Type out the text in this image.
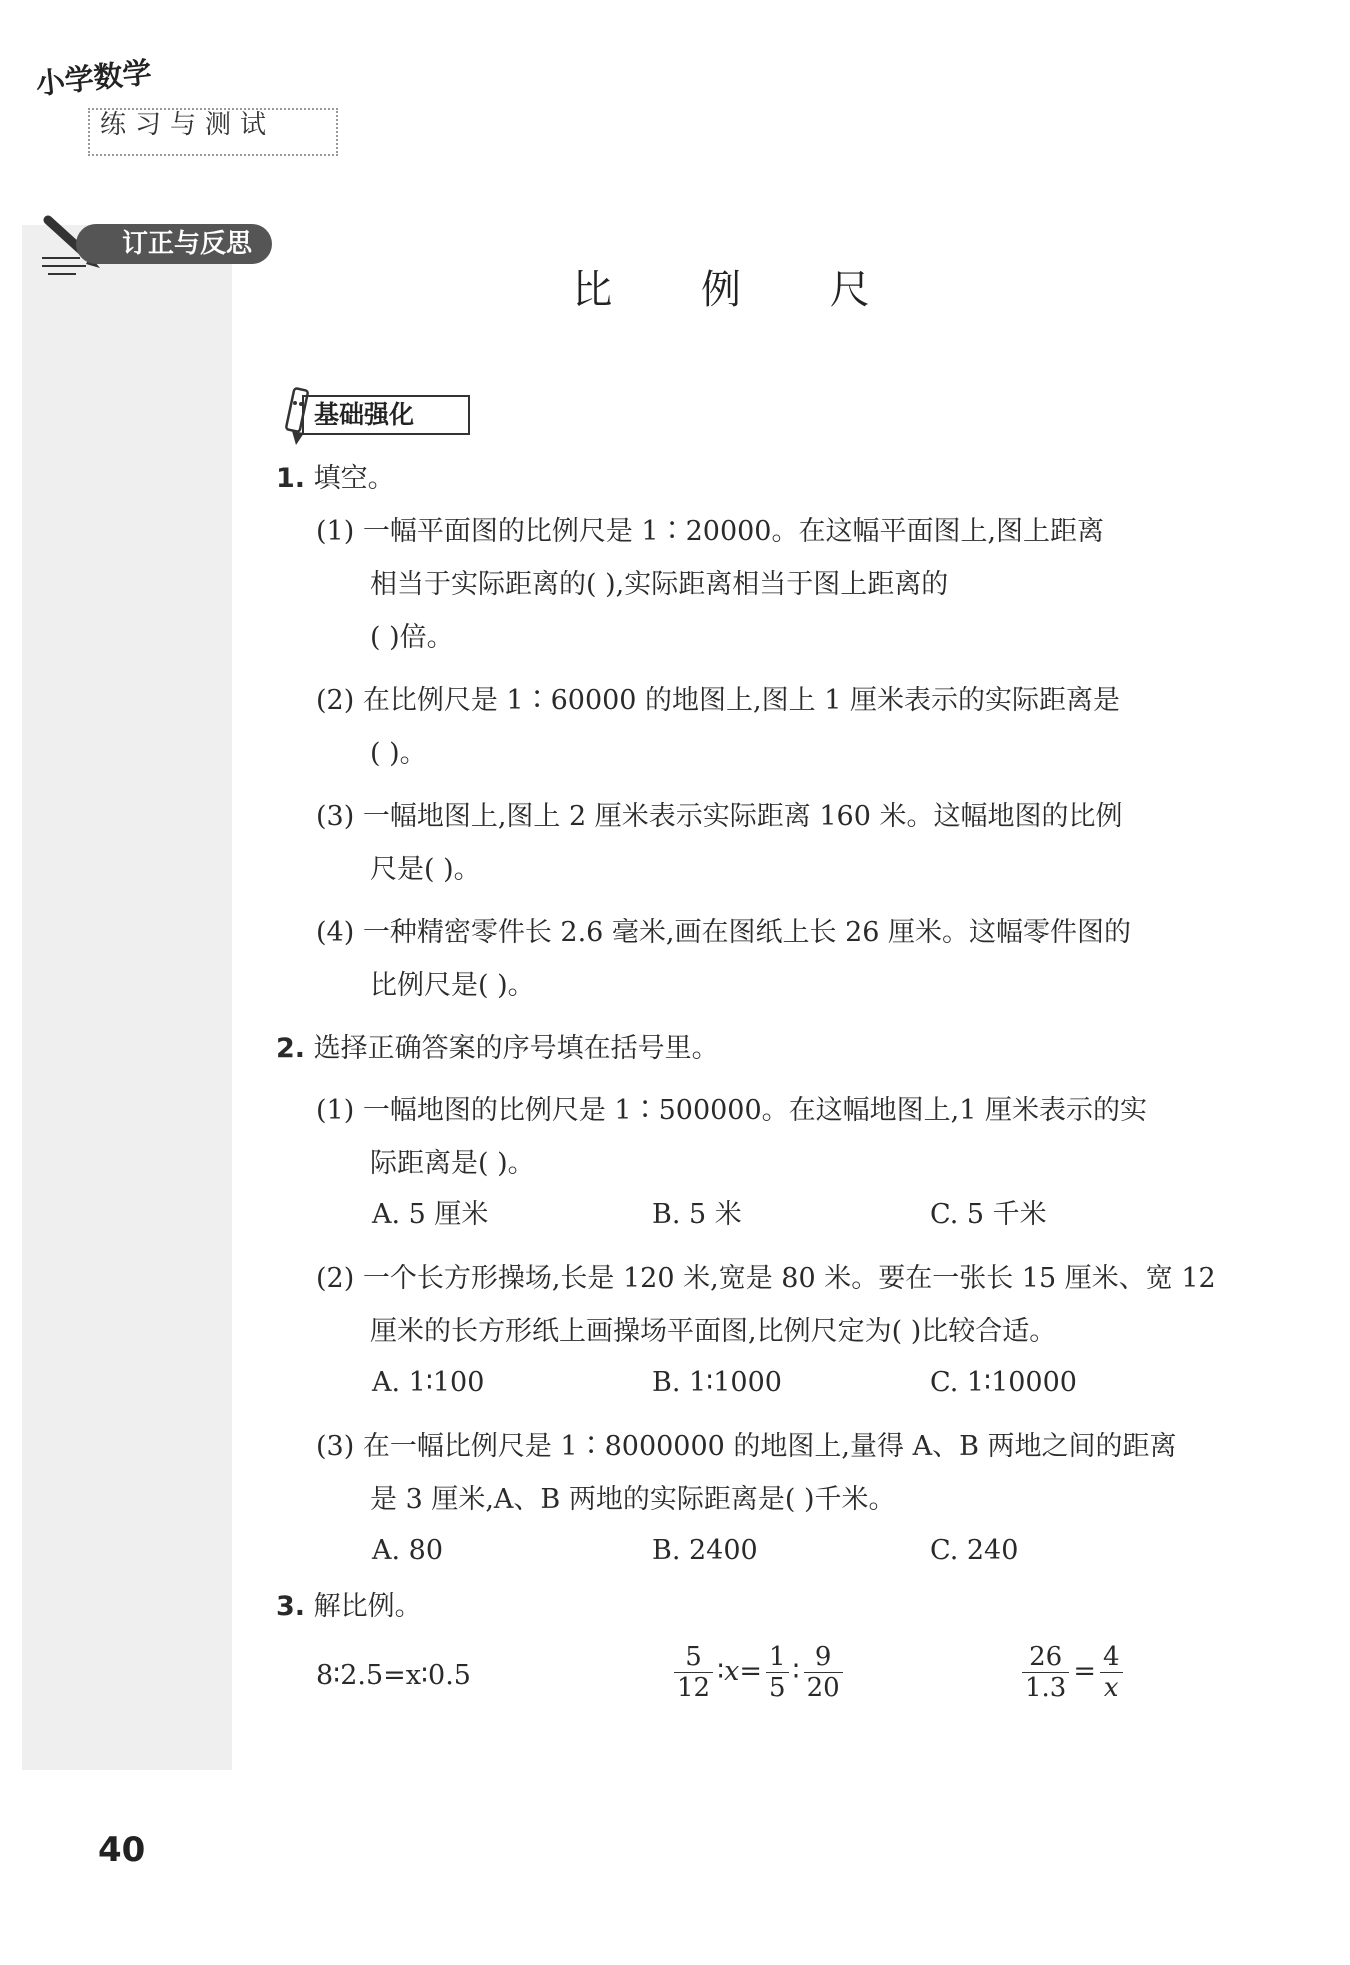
小学数学
练习与测试
订正与反思
比 例 尺
基础强化
1. 填空。
(1) 一幅平面图的比例尺是 1∶20000。在这幅平面图上,图上距离
相当于实际距离的( ),实际距离相当于图上距离的
( )倍。
(2) 在比例尺是 1∶60000 的地图上,图上 1 厘米表示的实际距离是
( )。
(3) 一幅地图上,图上 2 厘米表示实际距离 160 米。这幅地图的比例
尺是( )。
(4) 一种精密零件长 2.6 毫米,画在图纸上长 26 厘米。这幅零件图的
比例尺是( )。
2. 选择正确答案的序号填在括号里。
(1) 一幅地图的比例尺是 1∶500000。在这幅地图上,1 厘米表示的实
际距离是( )。
A. 5 厘米	B. 5 米	C. 5 千米
(2) 一个长方形操场,长是 120 米,宽是 80 米。要在一张长 15 厘米、宽 12
厘米的长方形纸上画操场平面图,比例尺定为( )比较合适。
A. 1∶100	B. 1∶1000	C. 1∶10000
(3) 在一幅比例尺是 1∶8000000 的地图上,量得 A、B 两地之间的距离
是 3 厘米,A、B 两地的实际距离是( )千米。
A. 80	B. 2400	C. 240
3. 解比例。
8∶2.5=x∶0.5	$\frac{5}{12}$ ∶x= $\frac{1}{5}$ ∶ $\frac{9}{20}$	$\frac{26}{1.3} = \frac{4}{x}$
40
